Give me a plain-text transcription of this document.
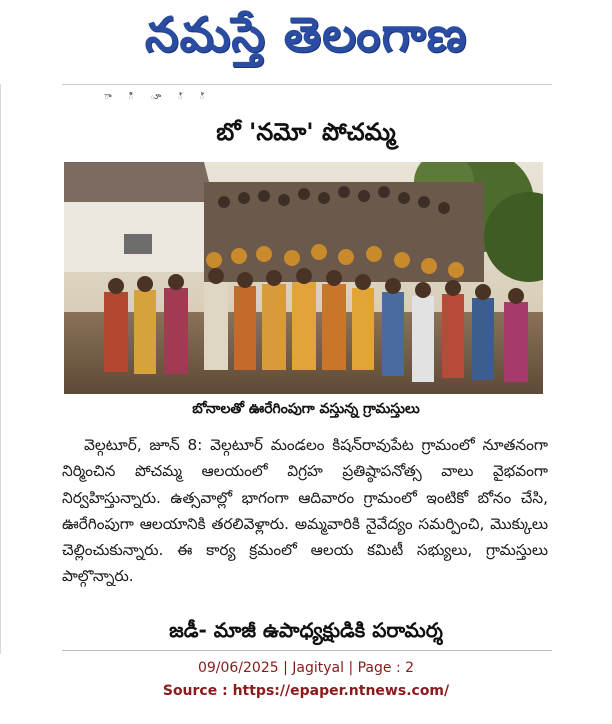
నమస్తే తెలంగాణ
ా ీ ూ ్ ్
బో 'నమో' పోచమ్మ
బోనాలతో ఊరేగింపుగా వస్తున్న గ్రామస్తులు
వెల్గటూర్, జూన్ 8: వెల్గటూర్ మండలం కిషన్‌రావుపేట గ్రామంలో నూతనంగా నిర్మించిన పోచమ్మ ఆలయంలో విగ్రహ ప్రతిష్ఠాపనోత్స వాలు వైభవంగా నిర్వహిస్తున్నారు. ఉత్సవాల్లో భాగంగా ఆదివారం గ్రామంలో ఇంటికో బోనం చేసి, ఊరేగింపుగా ఆలయానికి తరలివెళ్లారు. అమ్మవారికి నైవేద్యం సమర్పించి, మొక్కులు చెల్లించుకున్నారు. ఈ కార్య క్రమంలో ఆలయ కమిటీ సభ్యులు, గ్రామస్తులు పాల్గొన్నారు.
జడీ- మాజీ ఉపాధ్యక్షుడికి పరామర్శ
09/06/2025 | Jagityal | Page : 2
Source : https://epaper.ntnews.com/
